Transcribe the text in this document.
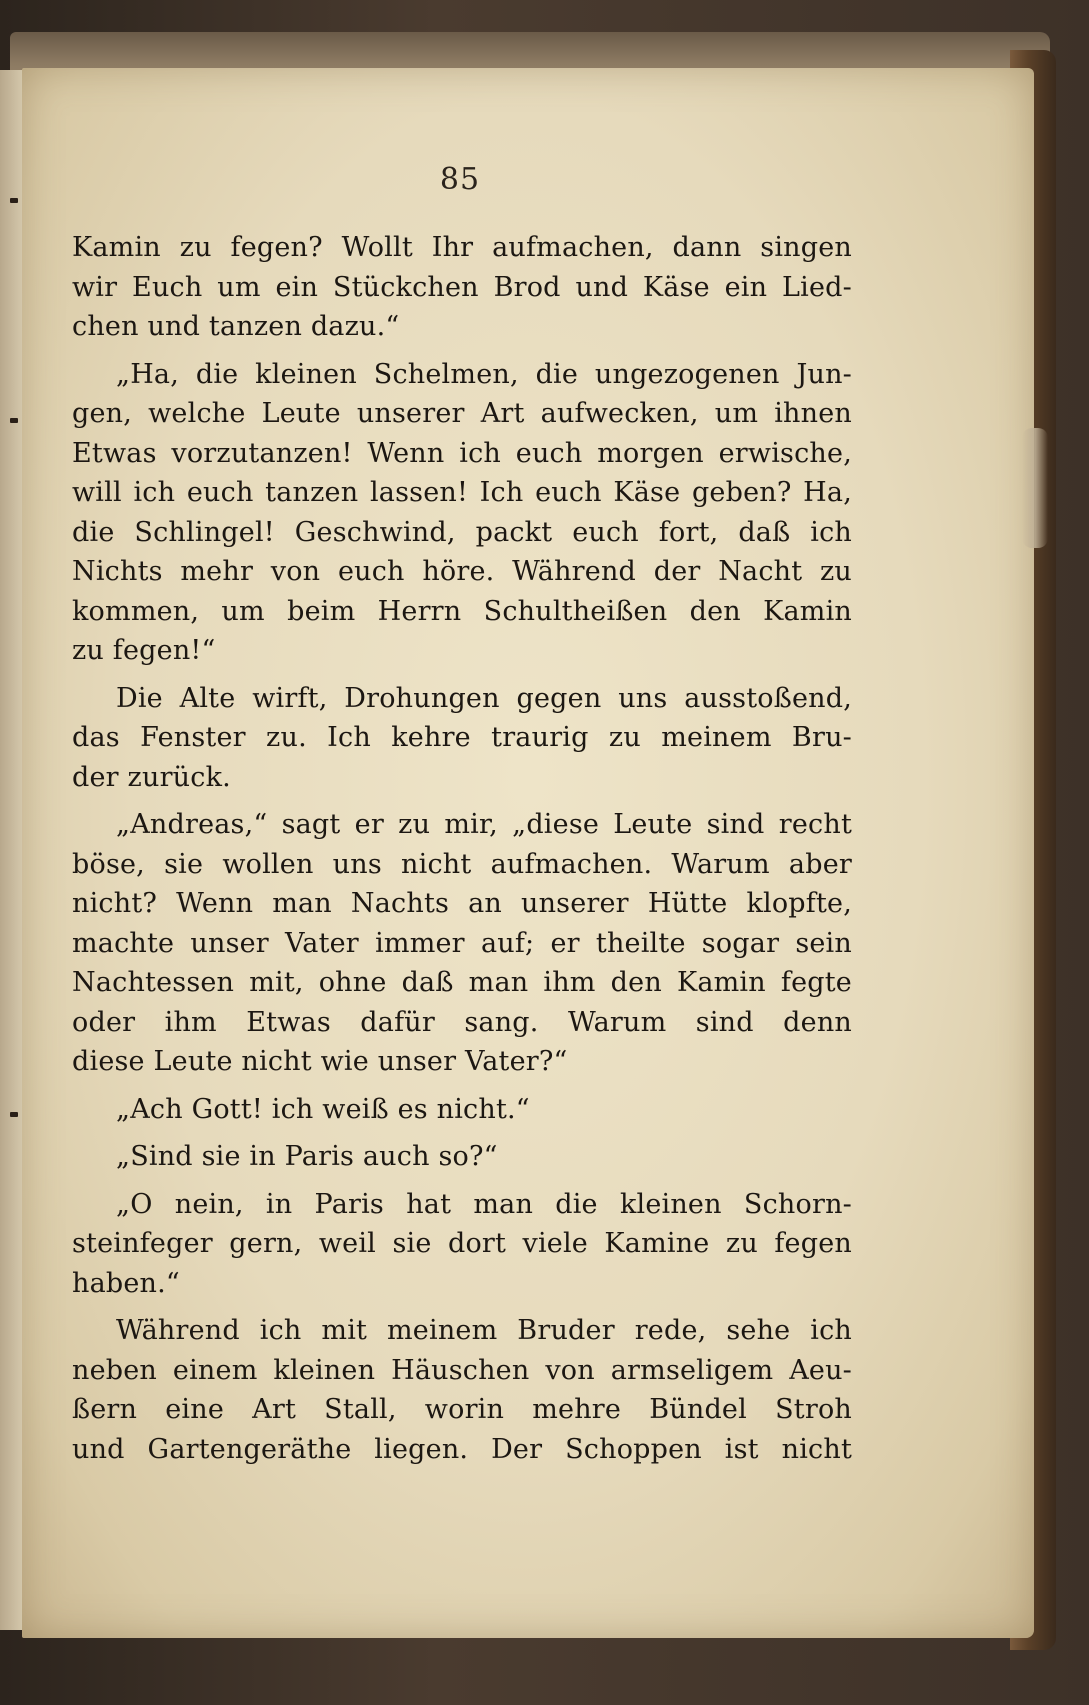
85
Kamin zu fegen? Wollt Ihr aufmachen, dann singen
wir Euch um ein Stückchen Brod und Käse ein Lied-
chen und tanzen dazu.“
„Ha, die kleinen Schelmen, die ungezogenen Jun-
gen, welche Leute unserer Art aufwecken, um ihnen
Etwas vorzutanzen! Wenn ich euch morgen erwische,
will ich euch tanzen lassen! Ich euch Käse geben? Ha,
die Schlingel! Geschwind, packt euch fort, daß ich
Nichts mehr von euch höre. Während der Nacht zu
kommen, um beim Herrn Schultheißen den Kamin
zu fegen!“
Die Alte wirft, Drohungen gegen uns ausstoßend,
das Fenster zu. Ich kehre traurig zu meinem Bru-
der zurück.
„Andreas,“ sagt er zu mir, „diese Leute sind recht
böse, sie wollen uns nicht aufmachen. Warum aber
nicht? Wenn man Nachts an unserer Hütte klopfte,
machte unser Vater immer auf; er theilte sogar sein
Nachtessen mit, ohne daß man ihm den Kamin fegte
oder ihm Etwas dafür sang. Warum sind denn
diese Leute nicht wie unser Vater?“
„Ach Gott! ich weiß es nicht.“
„Sind sie in Paris auch so?“
„O nein, in Paris hat man die kleinen Schorn-
steinfeger gern, weil sie dort viele Kamine zu fegen
haben.“
Während ich mit meinem Bruder rede, sehe ich
neben einem kleinen Häuschen von armseligem Aeu-
ßern eine Art Stall, worin mehre Bündel Stroh
und Gartengeräthe liegen. Der Schoppen ist nicht
